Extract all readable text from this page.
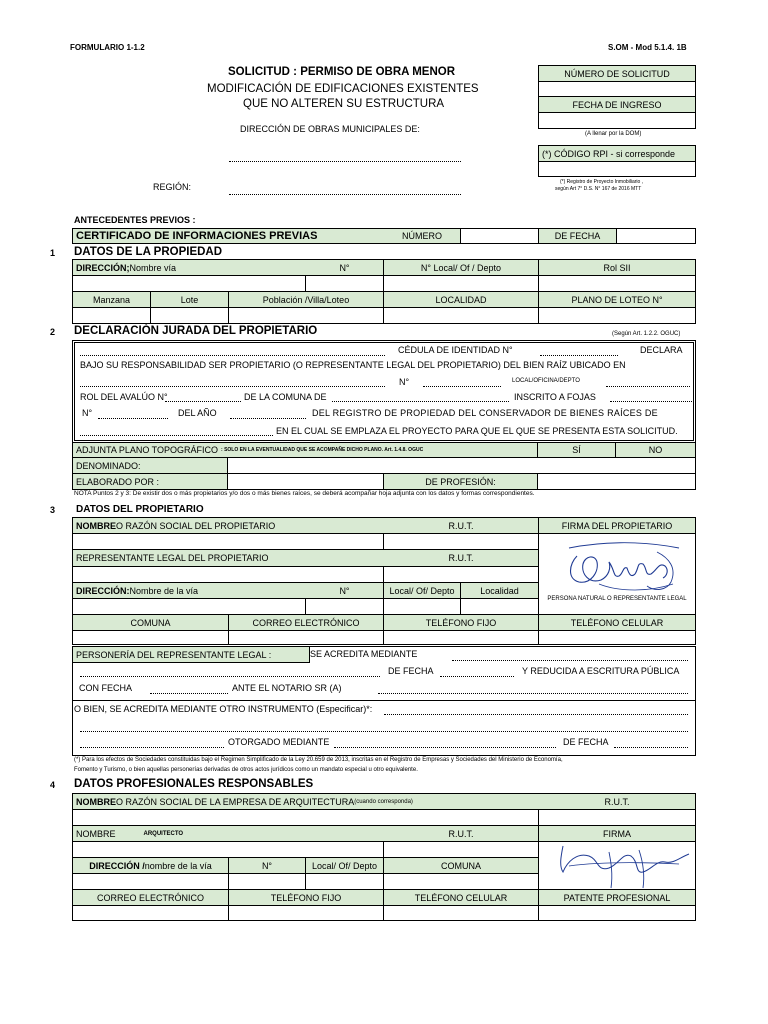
FORMULARIO 1-1.2	S.OM - Mod 5.1.4. 1B
SOLICITUD : PERMISO DE OBRA MENOR
MODIFICACIÓN DE EDIFICACIONES EXISTENTES
QUE NO ALTEREN SU ESTRUCTURA
DIRECCIÓN DE OBRAS MUNICIPALES DE:
REGIÓN:
NÚMERO DE SOLICITUD
FECHA DE INGRESO
(A llenar por la DOM)
(*) CÓDIGO RPI - si corresponde
(*) Registro de Proyecto Inmobiliario ,
según Art 7° D.S. N° 167 de 2016 MTT
ANTECEDENTES PREVIOS :
CERTIFICADO DE INFORMACIONES PREVIAS	NÚMERO	DE FECHA
1 DATOS DE LA PROPIEDAD
DIRECCIÓN; Nombre vía	N°	N° Local/ Of / Depto	Rol SII
Manzana	Lote	Población /Villa/Loteo	LOCALIDAD	PLANO DE LOTEO N°
2 DECLARACIÓN JURADA DEL PROPIETARIO	(Según Art. 1.2.2. OGUC)
CÉDULA DE IDENTIDAD N°	DECLARA
BAJO SU RESPONSABILIDAD SER PROPIETARIO (O REPRESENTANTE LEGAL DEL PROPIETARIO) DEL BIEN RAÍZ UBICADO EN
N°	LOCAL/OFICINA/DEPTO
ROL DEL AVALÚO N°	DE LA COMUNA DE	INSCRITO A FOJAS
N°	DEL AÑO	DEL REGISTRO DE PROPIEDAD DEL CONSERVADOR DE BIENES RAÍCES DE
EN EL CUAL SE EMPLAZA EL PROYECTO PARA QUE EL QUE SE PRESENTA ESTA SOLICITUD.
ADJUNTA PLANO TOPOGRÁFICO : SOLO EN LA EVENTUALIDAD QUE SE ACOMPAÑE DICHO PLANO. Art. 1.4.8. OGUC	SÍ	NO
DENOMINADO:
ELABORADO POR :	DE PROFESIÓN:
NOTA Puntos 2 y 3: De existir dos o más propietarios y/o dos o más bienes raíces, se deberá acompañar hoja adjunta con los datos y formas correspondientes.
3 DATOS DEL PROPIETARIO
NOMBRE O RAZÓN SOCIAL DEL PROPIETARIO	R.U.T.	FIRMA DEL PROPIETARIO
REPRESENTANTE LEGAL DEL PROPIETARIO	R.U.T.
DIRECCIÓN: Nombre de la vía	N°	Local/ Of/ Depto	Localidad
PERSONA NATURAL O REPRESENTANTE LEGAL
COMUNA	CORREO ELECTRÓNICO	TELÉFONO FIJO	TELÉFONO CELULAR
PERSONERÍA DEL REPRESENTANTE LEGAL :	SE ACREDITA MEDIANTE
DE FECHA	Y REDUCIDA A ESCRITURA PÚBLICA
CON FECHA	ANTE EL NOTARIO SR (A)
O BIEN, SE ACREDITA MEDIANTE OTRO INSTRUMENTO (Especificar)*:
OTORGADO MEDIANTE	DE FECHA
(*) Para los efectos de Sociedades constituidas bajo el Regimen Simplificado de la Ley 20.659 de 2013, inscritas en el Registro de Empresas y Sociedades del Ministerio de Economía,
Fomento y Turismo, o bien aquellas personerías derivadas de otros actos jurídicos como un mandato especial u otro equivalente.
4 DATOS PROFESIONALES RESPONSABLES
NOMBRE O RAZÓN SOCIAL DE LA EMPRESA DE ARQUITECTURA (cuando corresponda)	R.U.T.
NOMBRE	ARQUITECTO	R.U.T.	FIRMA
DIRECCIÓN / nombre de la vía	N°	Local/ Of/ Depto	COMUNA
CORREO ELECTRÓNICO	TELÉFONO FIJO	TELÉFONO CELULAR	PATENTE PROFESIONAL
